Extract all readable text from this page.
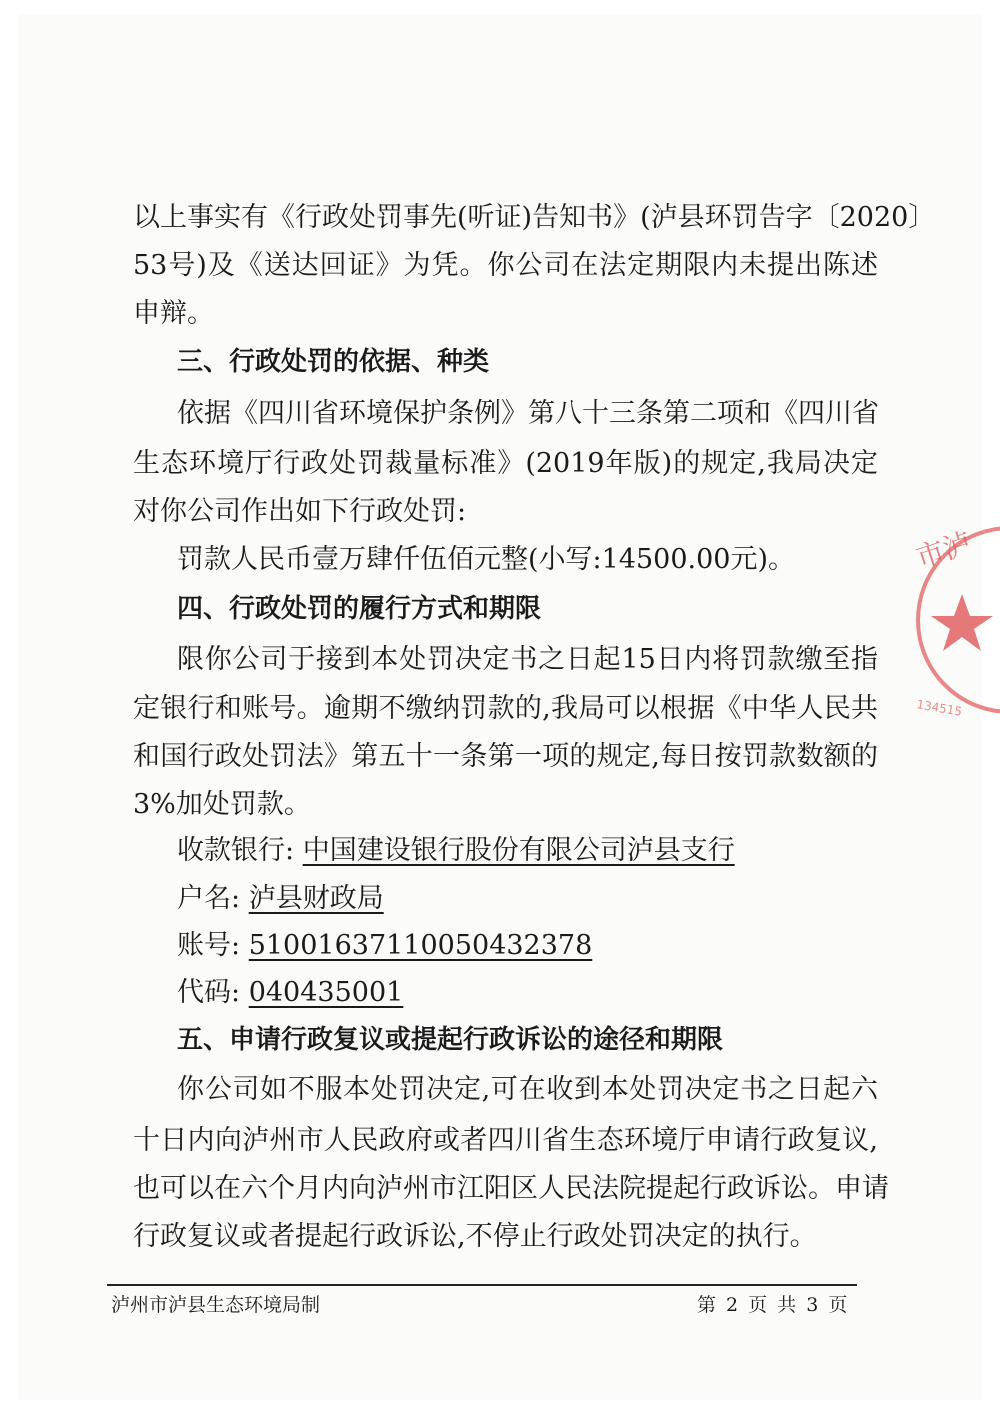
以上事实有《行政处罚事先(听证)告知书》(泸县环罚告字〔2020〕
53号)及《送达回证》为凭。你公司在法定期限内未提出陈述
申辩。
三、行政处罚的依据、种类
依据《四川省环境保护条例》第八十三条第二项和《四川省
生态环境厅行政处罚裁量标准》(2019年版)的规定,我局决定
对你公司作出如下行政处罚:
罚款人民币壹万肆仟伍佰元整(小写:14500.00元)。
四、行政处罚的履行方式和期限
限你公司于接到本处罚决定书之日起15日内将罚款缴至指
定银行和账号。逾期不缴纳罚款的,我局可以根据《中华人民共
和国行政处罚法》第五十一条第一项的规定,每日按罚款数额的
3%加处罚款。
收款银行: 中国建设银行股份有限公司泸县支行
户名: 泸县财政局
账号: 51001637110050432378
代码: 040435001
五、申请行政复议或提起行政诉讼的途径和期限
你公司如不服本处罚决定,可在收到本处罚决定书之日起六
十日内向泸州市人民政府或者四川省生态环境厅申请行政复议,
也可以在六个月内向泸州市江阳区人民法院提起行政诉讼。申请
行政复议或者提起行政诉讼,不停止行政处罚决定的执行。
泸州市泸县生态环境局制	第 2 页 共 3 页
市泸
134515
